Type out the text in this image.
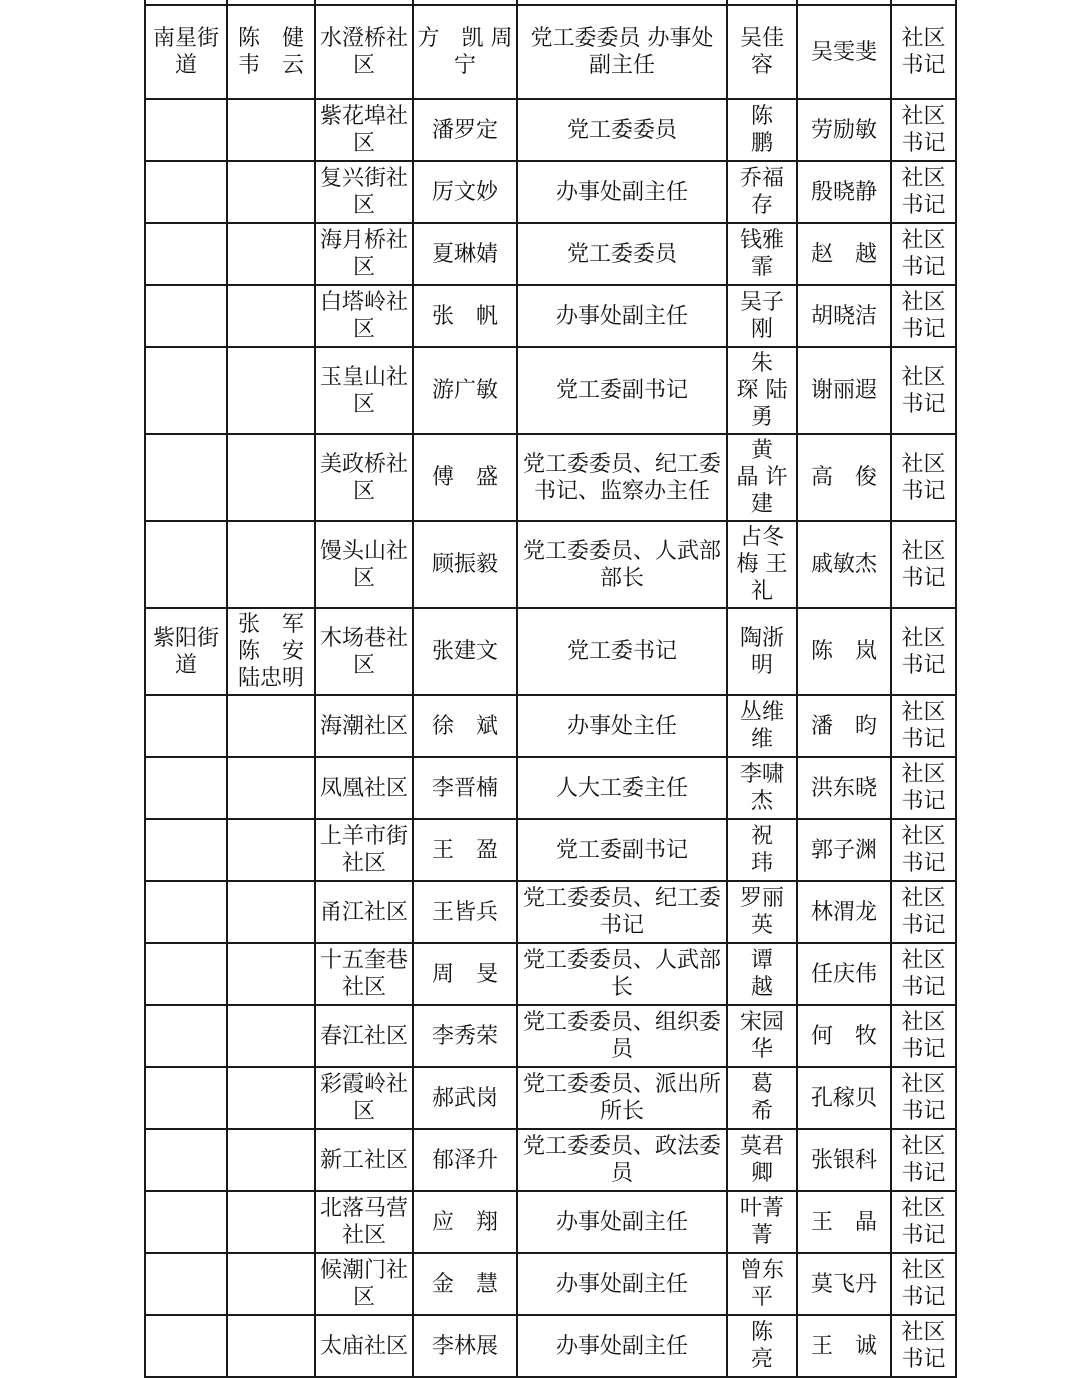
南星街道	陈　健 韦　云	水澄桥社区	方　凯 周　宁	党工委委员 办事处副主任	吴佳容	吴雯斐	社区书记
		紫花埠社区	潘罗定	党工委委员	陈　鹏	劳励敏	社区书记
		复兴街社区	厉文妙	办事处副主任	乔福存	殷晓静	社区书记
		海月桥社区	夏琳婧	党工委委员	钱雅霏	赵　越	社区书记
		白塔岭社区	张　帆	办事处副主任	吴子刚	胡晓洁	社区书记
		玉皇山社区	游广敏	党工委副书记	朱　琛 陆　勇	谢丽遐	社区书记
		美政桥社区	傅　盛	党工委委员、纪工委书记、监察办主任	黄　晶 许　建	高　俊	社区书记
		馒头山社区	顾振毅	党工委委员、人武部部长	占冬梅 王　礼	戚敏杰	社区书记
紫阳街道	张　军 陈　安 陆忠明	木场巷社区	张建文	党工委书记	陶浙明	陈　岚	社区书记
		海潮社区	徐　斌	办事处主任	丛维维	潘　昀	社区书记
		凤凰社区	李晋楠	人大工委主任	李啸杰	洪东晓	社区书记
		上羊市街社区	王　盈	党工委副书记	祝　玮	郭子渊	社区书记
		甬江社区	王皆兵	党工委委员、纪工委书记	罗丽英	林渭龙	社区书记
		十五奎巷社区	周　旻	党工委委员、人武部长	谭　越	任庆伟	社区书记
		春江社区	李秀荣	党工委委员、组织委员	宋园华	何　牧	社区书记
		彩霞岭社区	郝武岗	党工委委员、派出所所长	葛　希	孔稼贝	社区书记
		新工社区	郁泽升	党工委委员、政法委员	莫君卿	张银科	社区书记
		北落马营社区	应　翔	办事处副主任	叶菁菁	王　晶	社区书记
		候潮门社区	金　慧	办事处副主任	曾东平	莫飞丹	社区书记
		太庙社区	李林展	办事处副主任	陈　亮	王　诚	社区书记
